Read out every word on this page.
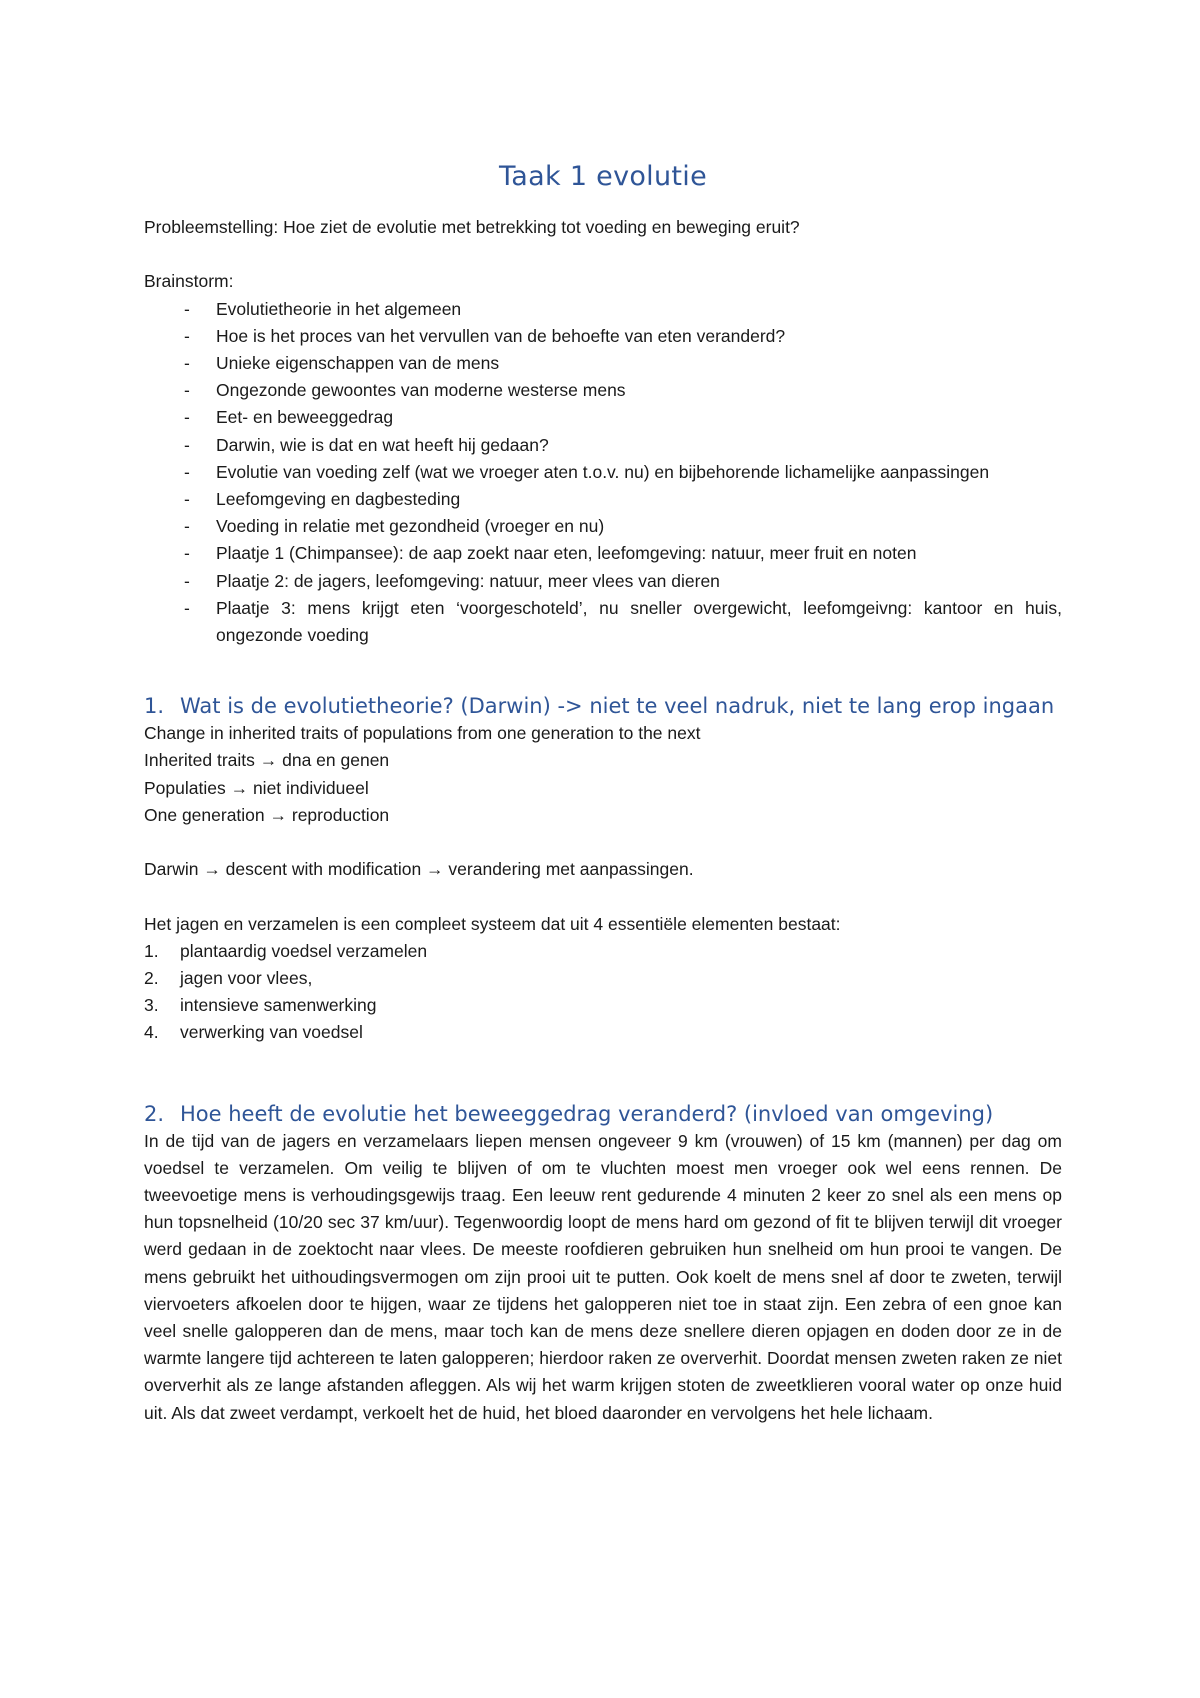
Taak 1 evolutie

Probleemstelling: Hoe ziet de evolutie met betrekking tot voeding en beweging eruit?

Brainstorm:

- Evolutietheorie in het algemeen
- Hoe is het proces van het vervullen van de behoefte van eten veranderd?
- Unieke eigenschappen van de mens
- Ongezonde gewoontes van moderne westerse mens
- Eet- en beweeggedrag
- Darwin, wie is dat en wat heeft hij gedaan?
- Evolutie van voeding zelf (wat we vroeger aten t.o.v. nu) en bijbehorende lichamelijke aanpassingen
- Leefomgeving en dagbesteding
- Voeding in relatie met gezondheid (vroeger en nu)
- Plaatje 1 (Chimpansee): de aap zoekt naar eten, leefomgeving: natuur, meer fruit en noten
- Plaatje 2: de jagers, leefomgeving: natuur, meer vlees van dieren
- Plaatje 3: mens krijgt eten ‘voorgeschoteld’, nu sneller overgewicht, leefomgeivng: kantoor en huis, ongezonde voeding
1. Wat is de evolutietheorie? (Darwin) -> niet te veel nadruk, niet te lang erop ingaan

Change in inherited traits of populations from one generation to the next

Inherited traits → dna en genen

Populaties → niet individueel

One generation → reproduction

Darwin → descent with modification → verandering met aanpassingen.

Het jagen en verzamelen is een compleet systeem dat uit 4 essentiële elementen bestaat:

1. plantaardig voedsel verzamelen
2. jagen voor vlees,
3. intensieve samenwerking
4. verwerking van voedsel
2. Hoe heeft de evolutie het beweeggedrag veranderd? (invloed van omgeving)

In de tijd van de jagers en verzamelaars liepen mensen ongeveer 9 km (vrouwen) of 15 km (mannen) per dag om voedsel te verzamelen. Om veilig te blijven of om te vluchten moest men vroeger ook wel eens rennen. De tweevoetige mens is verhoudingsgewijs traag. Een leeuw rent gedurende 4 minuten 2 keer zo snel als een mens op hun topsnelheid (10/20 sec 37 km/uur). Tegenwoordig loopt de mens hard om gezond of fit te blijven terwijl dit vroeger werd gedaan in de zoektocht naar vlees. De meeste roofdieren gebruiken hun snelheid om hun prooi te vangen. De mens gebruikt het uithoudingsvermogen om zijn prooi uit te putten. Ook koelt de mens snel af door te zweten, terwijl viervoeters afkoelen door te hijgen, waar ze tijdens het galopperen niet toe in staat zijn. Een zebra of een gnoe kan veel snelle galopperen dan de mens, maar toch kan de mens deze snellere dieren opjagen en doden door ze in de warmte langere tijd achtereen te laten galopperen; hierdoor raken ze oververhit. Doordat mensen zweten raken ze niet oververhit als ze lange afstanden afleggen. Als wij het warm krijgen stoten de zweetklieren vooral water op onze huid uit. Als dat zweet verdampt, verkoelt het de huid, het bloed daaronder en vervolgens het hele lichaam.
